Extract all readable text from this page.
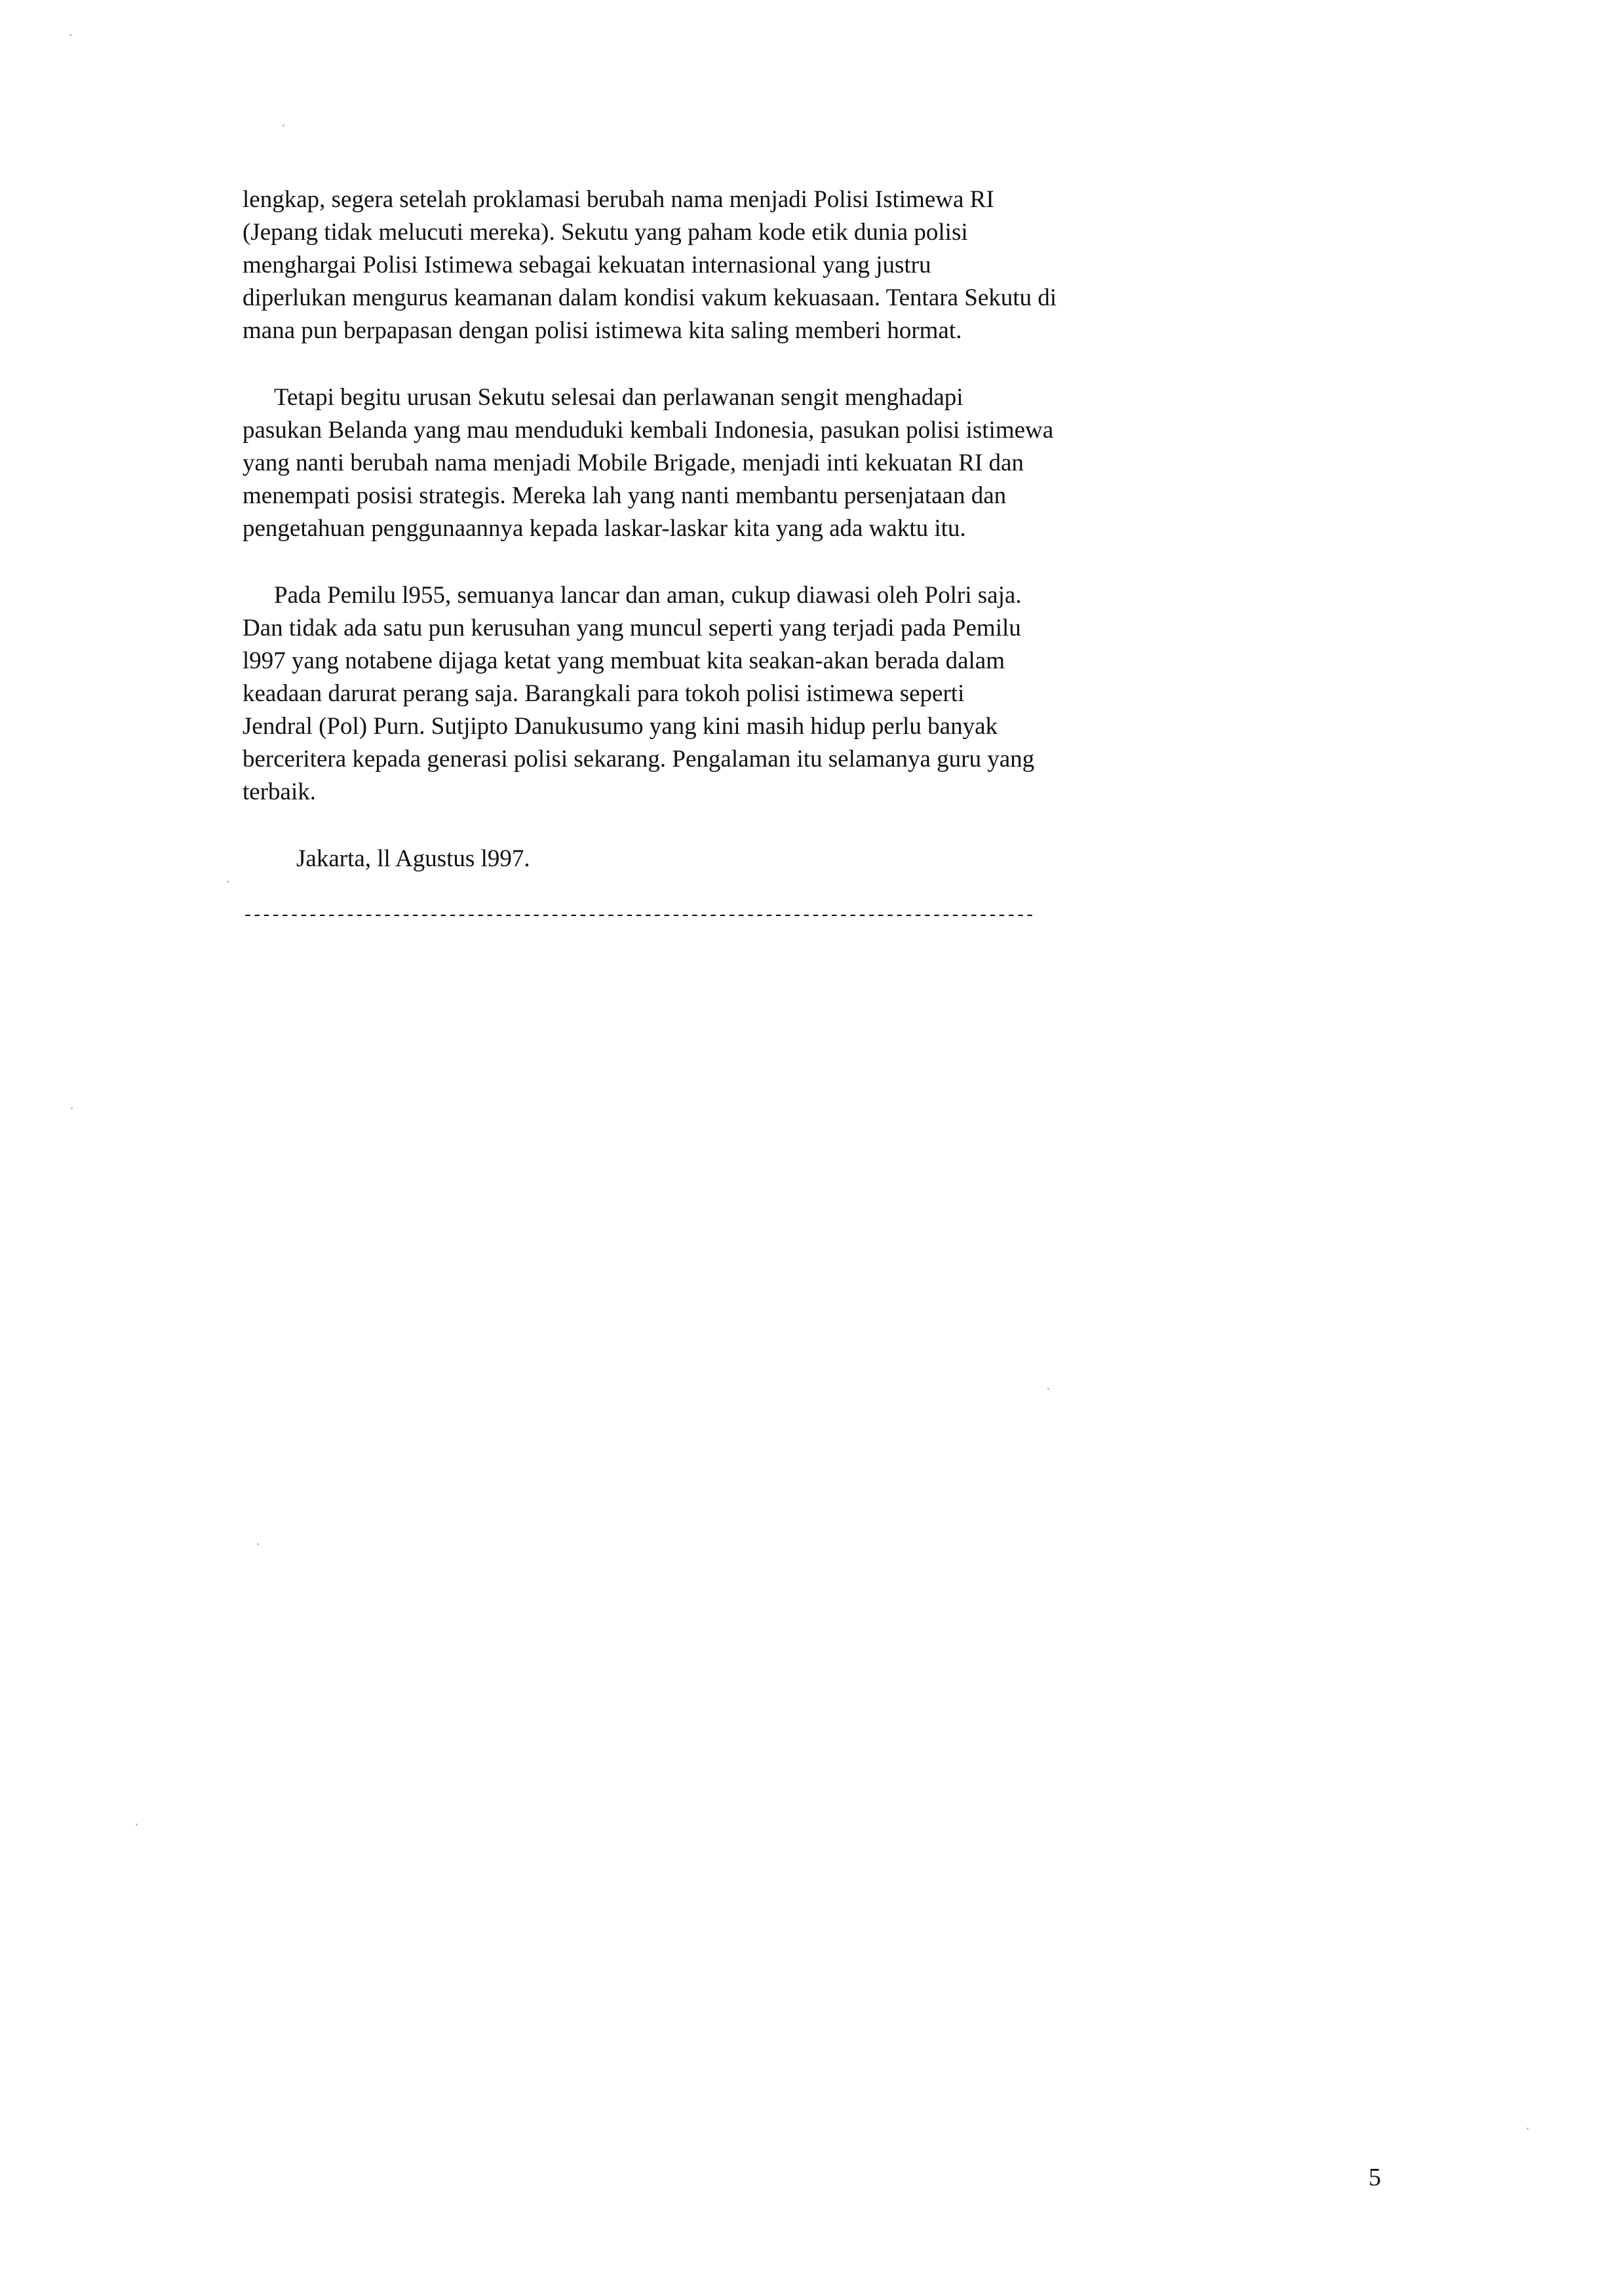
lengkap, segera setelah proklamasi berubah nama menjadi Polisi Istimewa RI
(Jepang tidak melucuti mereka). Sekutu yang paham kode etik dunia polisi
menghargai Polisi Istimewa sebagai kekuatan internasional yang justru
diperlukan mengurus keamanan dalam kondisi vakum kekuasaan. Tentara Sekutu di
mana pun berpapasan dengan polisi istimewa kita saling memberi hormat.

Tetapi begitu urusan Sekutu selesai dan perlawanan sengit menghadapi
pasukan Belanda yang mau menduduki kembali Indonesia, pasukan polisi istimewa
yang nanti berubah nama menjadi Mobile Brigade, menjadi inti kekuatan RI dan
menempati posisi strategis. Mereka lah yang nanti membantu persenjataan dan
pengetahuan penggunaannya kepada laskar-laskar kita yang ada waktu itu.

Pada Pemilu l955, semuanya lancar dan aman, cukup diawasi oleh Polri saja.
Dan tidak ada satu pun kerusuhan yang muncul seperti yang terjadi pada Pemilu
l997 yang notabene dijaga ketat yang membuat kita seakan-akan berada dalam
keadaan darurat perang saja. Barangkali para tokoh polisi istimewa seperti
Jendral (Pol) Purn. Sutjipto Danukusumo yang kini masih hidup perlu banyak
berceritera kepada generasi polisi sekarang. Pengalaman itu selamanya guru yang
terbaik.

Jakarta, ll Agustus l997.

-------------------------------------------------------------------------------------
5
